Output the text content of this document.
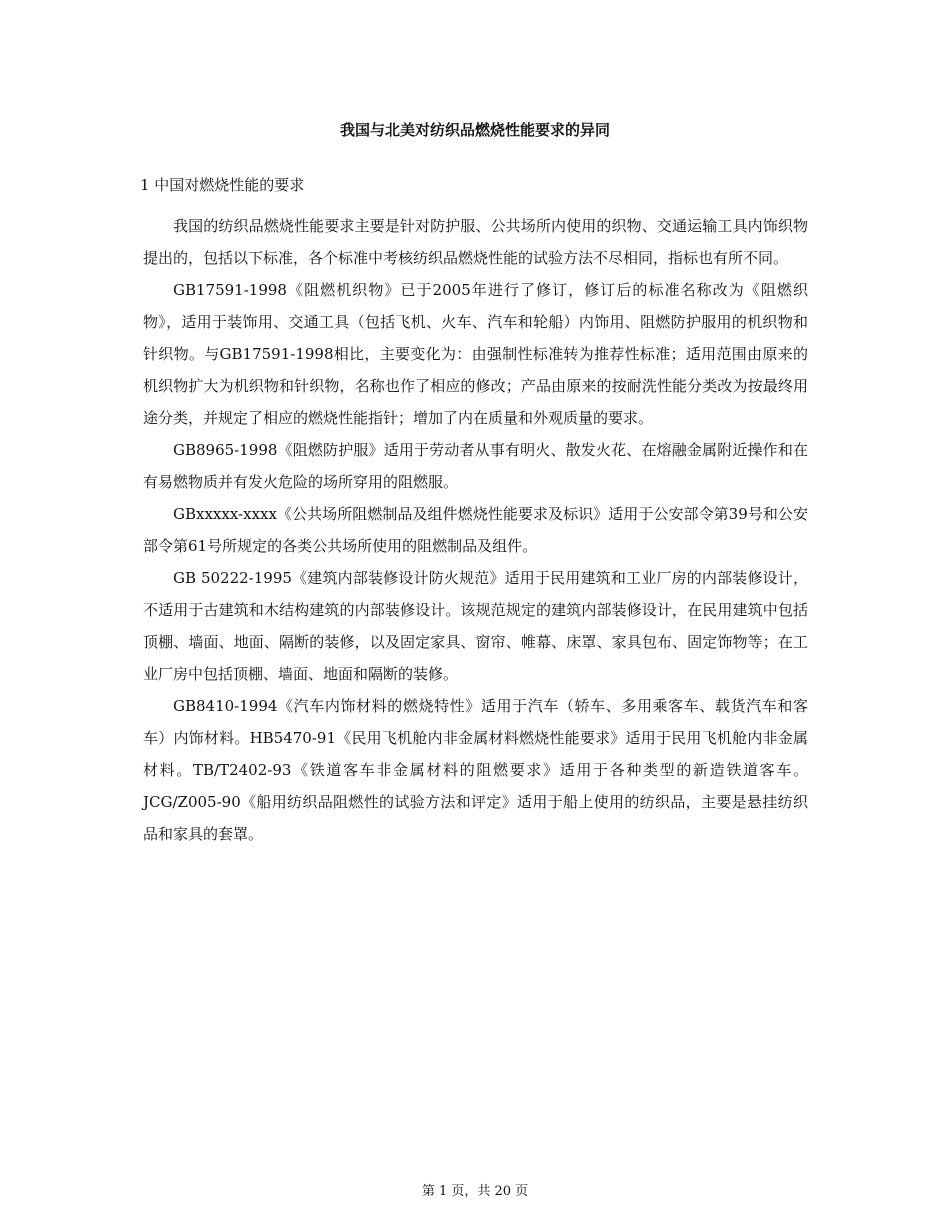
我国与北美对纺织品燃烧性能要求的异同
1 中国对燃烧性能的要求

我国的纺织品燃烧性能要求主要是针对防护服、公共场所内使用的织物、交通运输工具内饰织物提出的，包括以下标准，各个标准中考核纺织品燃烧性能的试验方法不尽相同，指标也有所不同。

GB17591-1998《阻燃机织物》已于2005年进行了修订，修订后的标准名称改为《阻燃织物》，适用于装饰用、交通工具（包括飞机、火车、汽车和轮船）内饰用、阻燃防护服用的机织物和针织物。与GB17591-1998相比，主要变化为：由强制性标准转为推荐性标准；适用范围由原来的机织物扩大为机织物和针织物，名称也作了相应的修改；产品由原来的按耐洗性能分类改为按最终用途分类，并规定了相应的燃烧性能指针；增加了内在质量和外观质量的要求。

GB8965-1998《阻燃防护服》适用于劳动者从事有明火、散发火花、在熔融金属附近操作和在有易燃物质并有发火危险的场所穿用的阻燃服。

GBxxxxx-xxxx《公共场所阻燃制品及组件燃烧性能要求及标识》适用于公安部令第39号和公安部令第61号所规定的各类公共场所使用的阻燃制品及组件。

GB 50222-1995《建筑内部装修设计防火规范》适用于民用建筑和工业厂房的内部装修设计，不适用于古建筑和木结构建筑的内部装修设计。该规范规定的建筑内部装修设计，在民用建筑中包括顶棚、墙面、地面、隔断的装修，以及固定家具、窗帘、帷幕、床罩、家具包布、固定饰物等；在工业厂房中包括顶棚、墙面、地面和隔断的装修。

GB8410-1994《汽车内饰材料的燃烧特性》适用于汽车（轿车、多用乘客车、载货汽车和客车）内饰材料。HB5470-91《民用飞机舱内非金属材料燃烧性能要求》适用于民用飞机舱内非金属材料。TB/T2402-93《铁道客车非金属材料的阻燃要求》适用于各种类型的新造铁道客车。 JCG/Z005-90《船用纺织品阻燃性的试验方法和评定》适用于船上使用的纺织品，主要是悬挂纺织品和家具的套罩。

第 1 页，共 20 页
